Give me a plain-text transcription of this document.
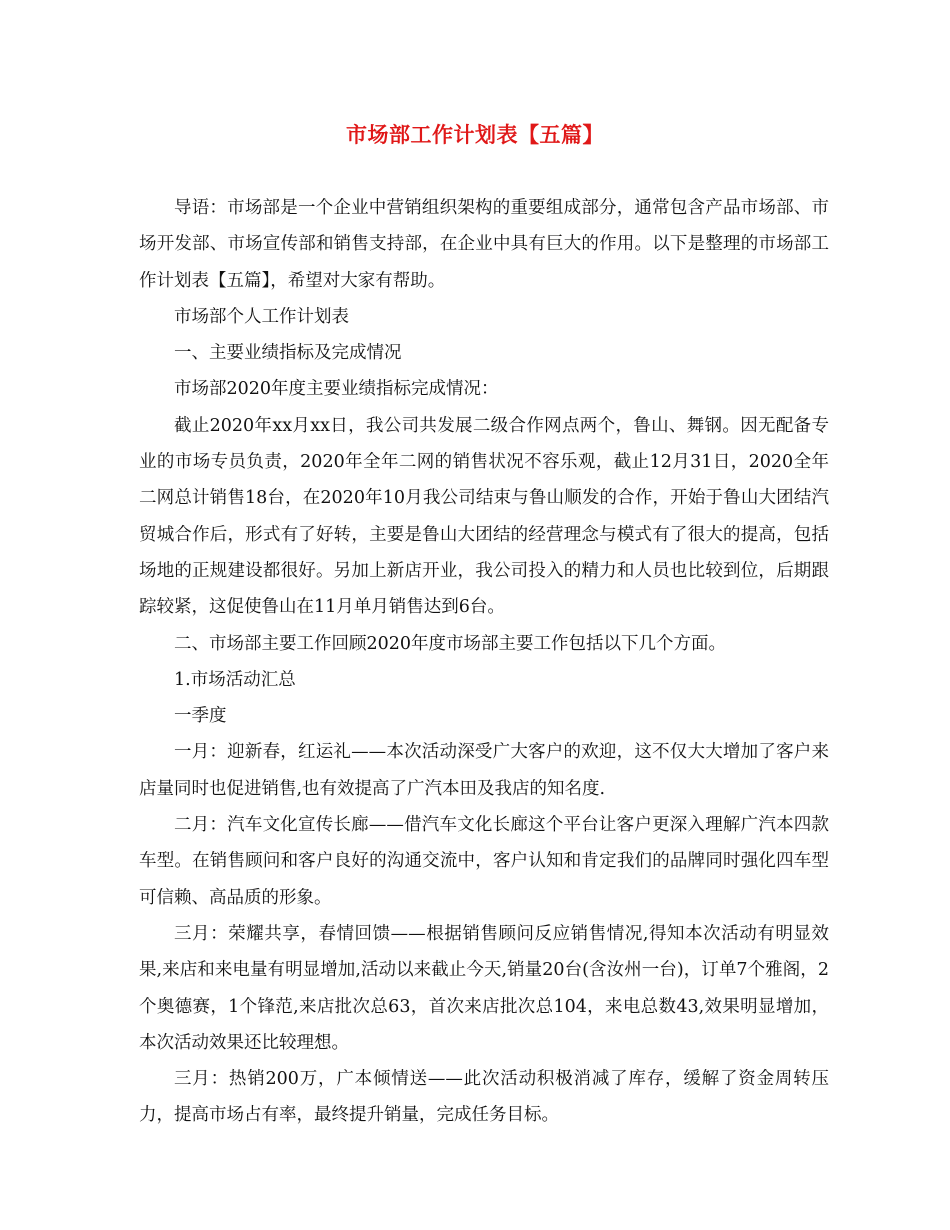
市场部工作计划表【五篇】

导语：市场部是一个企业中营销组织架构的重要组成部分，通常包含产品市场部、市场开发部、市场宣传部和销售支持部，在企业中具有巨大的作用。以下是整理的市场部工作计划表【五篇】，希望对大家有帮助。

市场部个人工作计划表

一、主要业绩指标及完成情况

市场部2020年度主要业绩指标完成情况：

截止2020年xx月xx日，我公司共发展二级合作网点两个，鲁山、舞钢。因无配备专业的市场专员负责，2020年全年二网的销售状况不容乐观，截止12月31日，2020全年二网总计销售18台，在2020年10月我公司结束与鲁山顺发的合作，开始于鲁山大团结汽贸城合作后，形式有了好转，主要是鲁山大团结的经营理念与模式有了很大的提高，包括场地的正规建设都很好。另加上新店开业，我公司投入的精力和人员也比较到位，后期跟踪较紧，这促使鲁山在11月单月销售达到6台。

二、市场部主要工作回顾2020年度市场部主要工作包括以下几个方面。

1.市场活动汇总

一季度

一月：迎新春，红运礼——本次活动深受广大客户的欢迎，这不仅大大增加了客户来店量同时也促进销售,也有效提高了广汽本田及我店的知名度.

二月：汽车文化宣传长廊——借汽车文化长廊这个平台让客户更深入理解广汽本四款车型。在销售顾问和客户良好的沟通交流中，客户认知和肯定我们的品牌同时强化四车型可信赖、高品质的形象。

三月：荣耀共享，春情回馈——根据销售顾问反应销售情况,得知本次活动有明显效果,来店和来电量有明显增加,活动以来截止今天,销量20台(含汝州一台)，订单7个雅阁，2个奥德赛，1个锋范,来店批次总63，首次来店批次总104，来电总数43,效果明显增加，本次活动效果还比较理想。

三月：热销200万，广本倾情送——此次活动积极消减了库存，缓解了资金周转压力，提高市场占有率，最终提升销量，完成任务目标。
